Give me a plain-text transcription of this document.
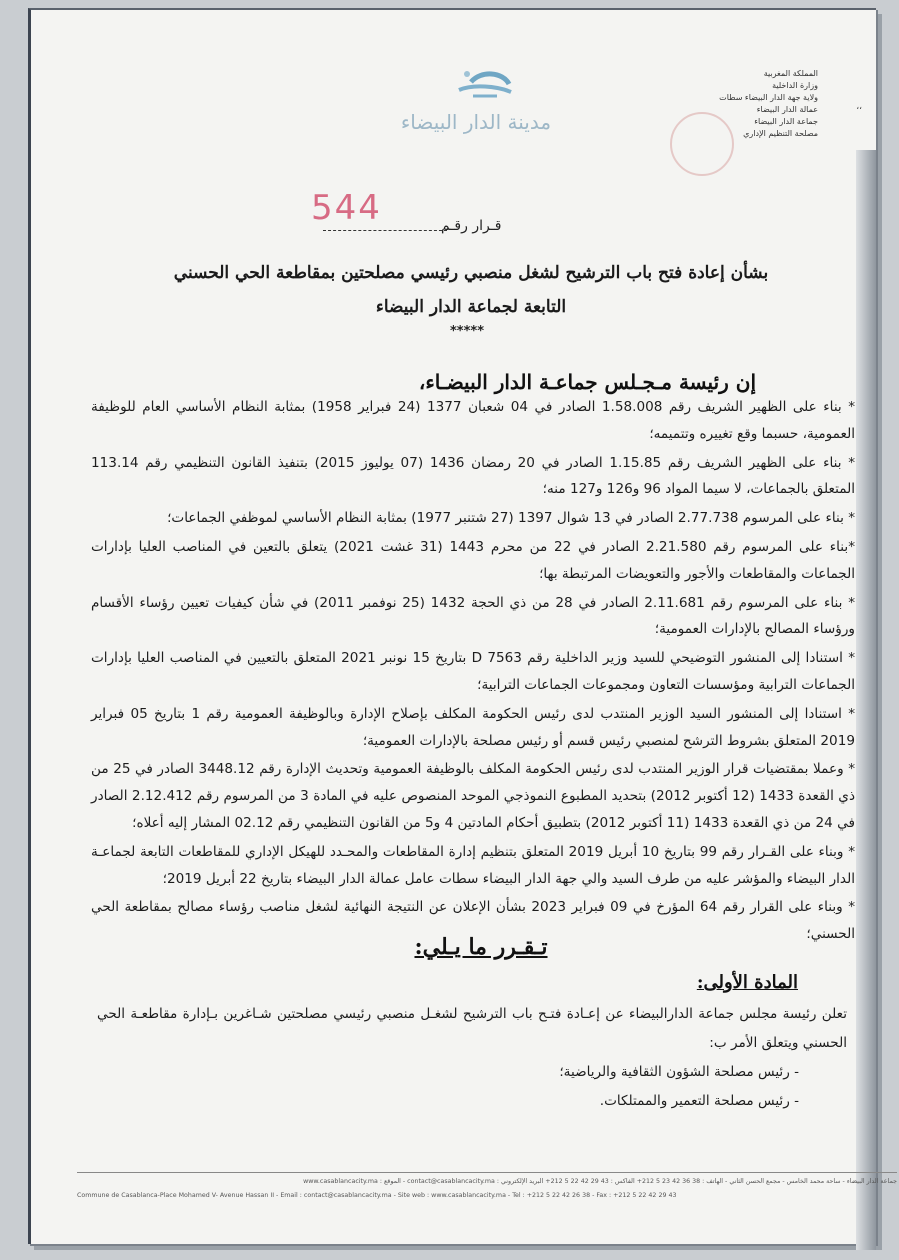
مدينة الدار البيضاء
،،
المملكة المغربية
وزارة الداخلية
ولاية جهة الدار البيضاء سطات
عمالة الدار البيضاء
جماعة الدار البيضاء
مصلحة التنظيم الإداري
544	قـرار رقـم
بشأن إعادة فتح باب الترشيح لشغل منصبي رئيسي مصلحتين بمقاطعة الحي الحسني
التابعة لجماعة الدار البيضاء
*****
إن رئيسة مـجـلس جماعـة الدار البيضـاء،

* بناء على الظهير الشريف رقم 1.58.008 الصادر في 04 شعبان 1377 (24 فبراير 1958) بمثابة النظام الأساسي العام للوظيفة العمومية، حسبما وقع تغييره وتتميمه؛

* بناء على الظهير الشريف رقم 1.15.85 الصادر في 20 رمضان 1436 (07 يوليوز 2015) بتنفيذ القانون التنظيمي رقم 113.14 المتعلق بالجماعات، لا سيما المواد 96 و126 و127 منه؛

* بناء على المرسوم 2.77.738 الصادر في 13 شوال 1397 (27 شتنبر 1977) بمثابة النظام الأساسي لموظفي الجماعات؛

*بناء على المرسوم رقم 2.21.580 الصادر في 22 من محرم 1443 (31 غشت 2021) يتعلق بالتعين في المناصب العليا بإدارات الجماعات والمقاطعات والأجور والتعويضات المرتبطة بها؛

* بناء على المرسوم رقم 2.11.681 الصادر في 28 من ذي الحجة 1432 (25 نوفمبر 2011) في شأن كيفيات تعيين رؤساء الأقسام ورؤساء المصالح بالإدارات العمومية؛

* استنادا إلى المنشور التوضيحي للسيد وزير الداخلية رقم D 7563 بتاريخ 15 نونبر 2021 المتعلق بالتعيين في المناصب العليا بإدارات الجماعات الترابية ومؤسسات التعاون ومجموعات الجماعات الترابية؛

* استنادا إلى المنشور السيد الوزير المنتدب لدى رئيس الحكومة المكلف بإصلاح الإدارة وبالوظيفة العمومية رقم 1 بتاريخ 05 فبراير 2019 المتعلق بشروط الترشح لمنصبي رئيس قسم أو رئيس مصلحة بالإدارات العمومية؛

* وعملا بمقتضيات قرار الوزير المنتدب لدى رئيس الحكومة المكلف بالوظيفة العمومية وتحديث الإدارة رقم 3448.12 الصادر في 25 من ذي القعدة 1433 (12 أكتوبر 2012) بتحديد المطبوع النموذجي الموحد المنصوص عليه في المادة 3 من المرسوم رقم 2.12.412 الصادر في 24 من ذي القعدة 1433 (11 أكتوبر 2012) بتطبيق أحكام المادتين 4 و5 من القانون التنظيمي رقم 02.12 المشار إليه أعلاه؛

* وبناء على القـرار رقم 99 بتاريخ 10 أبريل 2019 المتعلق بتنظيم إدارة المقاطعات والمحـدد للهيكل الإداري للمقاطعات التابعة لجماعـة الدار البيضاء والمؤشر عليه من طرف السيد والي جهة الدار البيضاء سطات عامل عمالة الدار البيضاء بتاريخ 22 أبريل 2019؛

* وبناء على القرار رقم 64 المؤرخ في 09 فبراير 2023 بشأن الإعلان عن النتيجة النهائية لشغل مناصب رؤساء مصالح بمقاطعة الحي الحسني؛

تـقـرر ما يـلي:
المادة الأولى:

تعلن رئيسة مجلس جماعة الدارالبيضاء عن إعـادة فتـح باب الترشيح لشغـل منصبي رئيسي مصلحتين شـاغرين بـإدارة مقاطعـة الحي الحسني ويتعلق الأمر ب:

- رئيس مصلحة الشؤون الثقافية والرياضية؛

- رئيس مصلحة التعمير والممتلكات.

جماعة الدار البيضاء - ساحة محمد الخامس - مجمع الحسن الثاني - الهاتف : 38 36 42 23 5 212+ الفاكس : 43 29 42 22 5 212+ البريد الإلكتروني : contact@casablancacity.ma - الموقع : www.casablancacity.ma
Commune de Casablanca-Place Mohamed V- Avenue Hassan II - Email : contact@casablancacity.ma - Site web : www.casablancacity.ma - Tel : +212 5 22 42 26 38 - Fax : +212 5 22 42 29 43
